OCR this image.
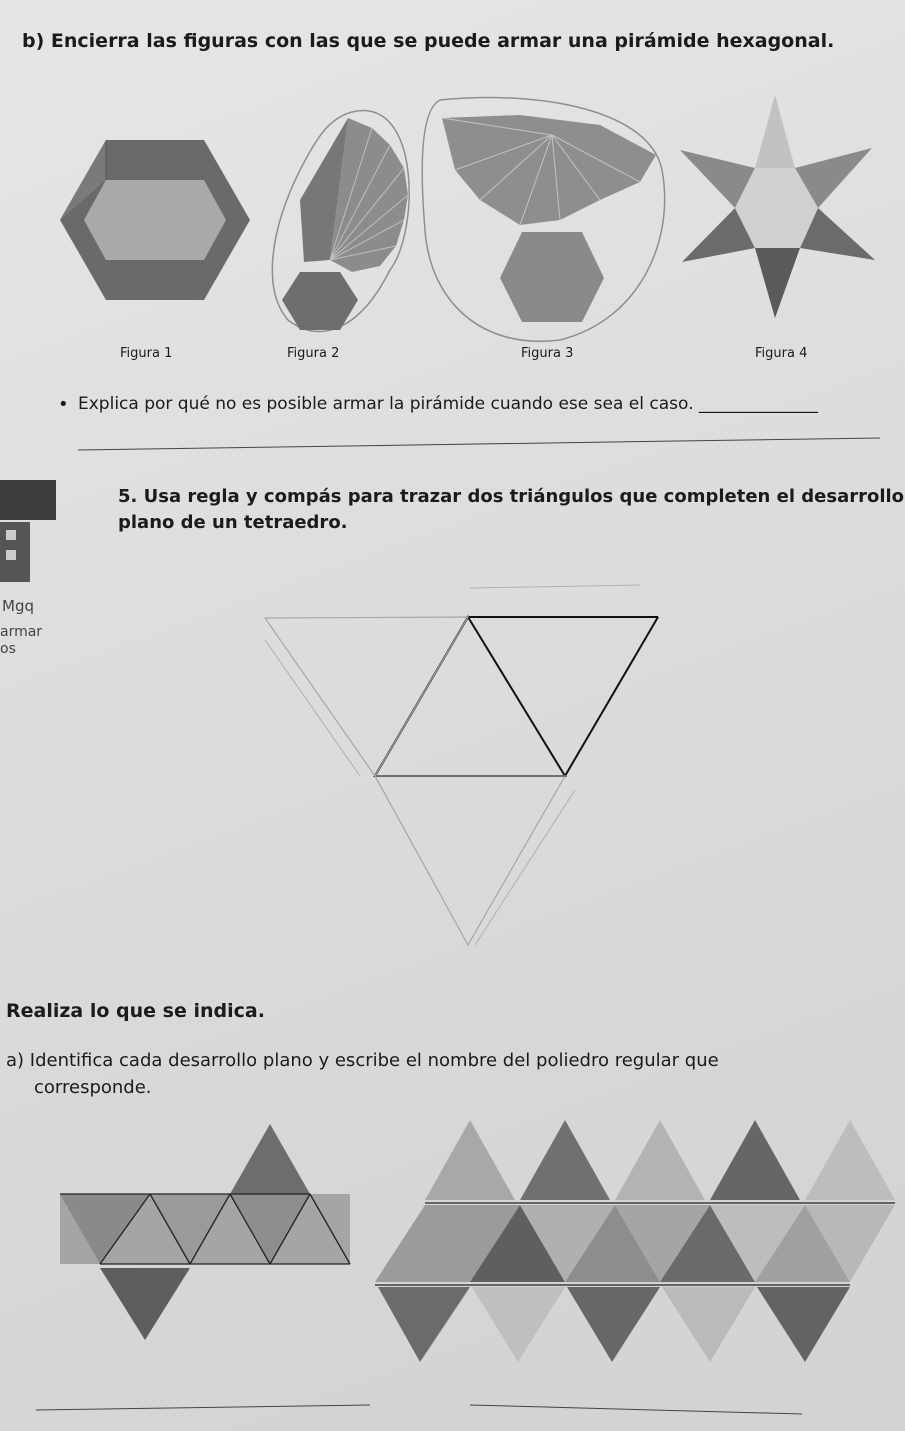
b) Encierra las figuras con las que se puede armar una pirámide hexagonal.

Figura 1	Figura 2	Figura 3	Figura 4
• Explica por qué no es posible armar la pirámide cuando ese sea el caso. ______________

5. Usa regla y compás para trazar dos triángulos que completen el desarrollo

plano de un tetraedro.

Mgq
armar
os

Realiza lo que se indica.

a) Identifica cada desarrollo plano y escribe el nombre del poliedro regular que

corresponde.
